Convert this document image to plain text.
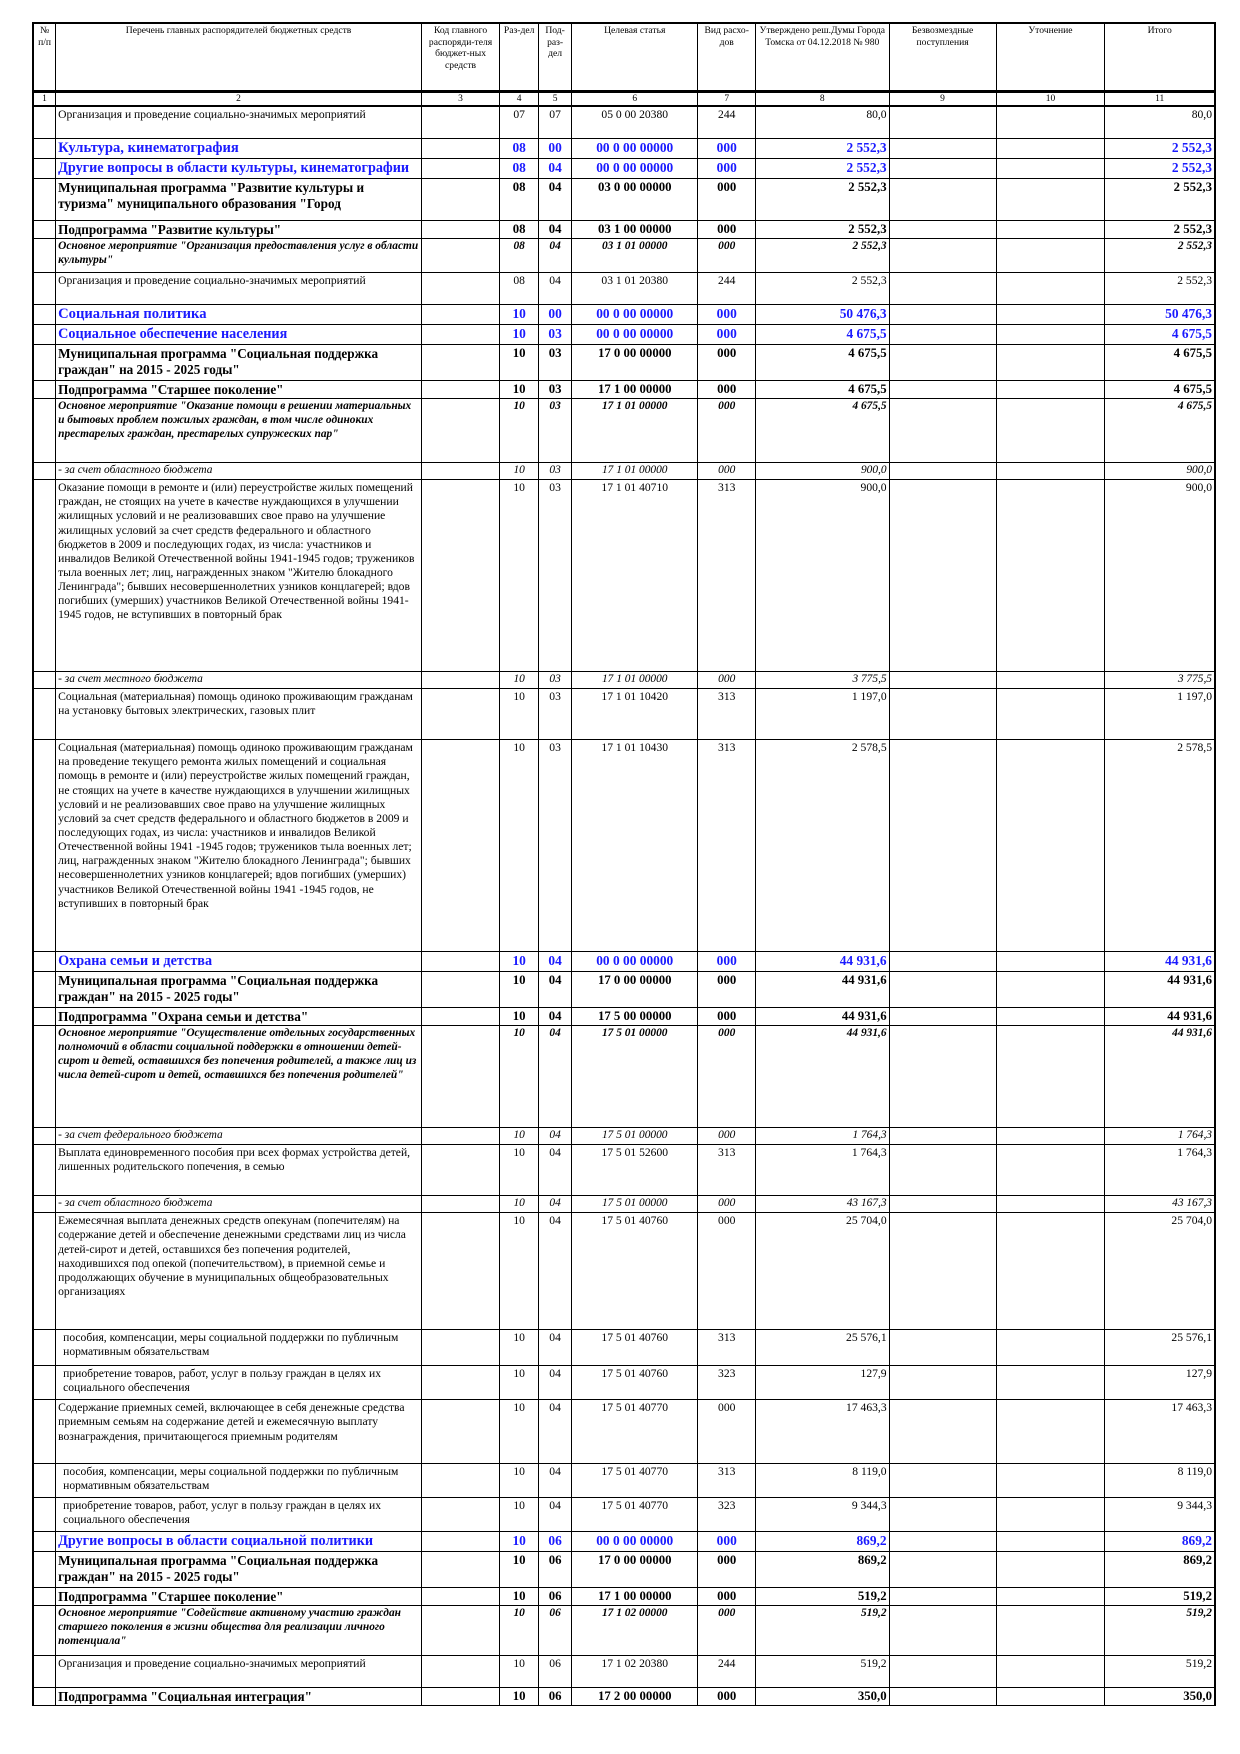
№ п/п	Перечень главных распорядителей бюджетных средств	Код главного распоряди-теля бюджет-ных средств	Раз-дел	Под-раз-дел	Целевая статья	Вид расхо-дов	Утверждено реш.Думы Города Томска от 04.12.2018 № 980	Безвозмездные поступления	Уточнение	Итого
1	2	3	4	5	6	7	8	9	10	11
	Организация и проведение социально-значимых мероприятий		07	07	05 0 00 20380	244	80,0			80,0
	Культура, кинематография		08	00	00 0 00 00000	000	2 552,3			2 552,3
	Другие вопросы в области культуры, кинематографии		08	04	00 0 00 00000	000	2 552,3			2 552,3
	Муниципальная программа "Развитие культуры и туризма" муниципального образования "Город		08	04	03 0 00 00000	000	2 552,3			2 552,3
	Подпрограмма "Развитие культуры"		08	04	03 1 00 00000	000	2 552,3			2 552,3
	Основное мероприятие "Организация предоставления услуг в области культуры"		08	04	03 1 01 00000	000	2 552,3			2 552,3
	Организация и проведение социально-значимых мероприятий		08	04	03 1 01 20380	244	2 552,3			2 552,3
	Социальная политика		10	00	00 0 00 00000	000	50 476,3			50 476,3
	Социальное обеспечение населения		10	03	00 0 00 00000	000	4 675,5			4 675,5
	Муниципальная программа "Социальная поддержка граждан" на 2015 - 2025 годы"		10	03	17 0 00 00000	000	4 675,5			4 675,5
	Подпрограмма "Старшее поколение"		10	03	17 1 00 00000	000	4 675,5			4 675,5
	Основное мероприятие "Оказание помощи в решении материальных и бытовых проблем пожилых граждан, в том числе одиноких престарелых граждан, престарелых супружеских пар"		10	03	17 1 01 00000	000	4 675,5			4 675,5
	- за счет областного бюджета		10	03	17 1 01 00000	000	900,0			900,0
	Оказание помощи в ремонте и (или) переустройстве жилых помещений граждан, не стоящих на учете в качестве нуждающихся в улучшении жилищных условий и не реализовавших свое право на улучшение жилищных условий за счет средств федерального и областного бюджетов в 2009 и последующих годах, из числа: участников и инвалидов Великой Отечественной войны 1941-1945 годов; тружеников тыла военных лет; лиц, награжденных знаком "Жителю блокадного Ленинграда"; бывших несовершеннолетних узников концлагерей; вдов погибших (умерших) участников Великой Отечественной войны 1941-1945 годов, не вступивших в повторный брак		10	03	17 1 01 40710	313	900,0			900,0
	- за счет местного бюджета		10	03	17 1 01 00000	000	3 775,5			3 775,5
	Социальная (материальная) помощь одиноко проживающим гражданам на установку бытовых электрических, газовых плит		10	03	17 1 01 10420	313	1 197,0			1 197,0
	Социальная (материальная) помощь одиноко проживающим гражданам на проведение текущего ремонта жилых помещений и социальная помощь в ремонте и (или) переустройстве жилых помещений граждан, не стоящих на учете в качестве нуждающихся в улучшении жилищных условий и не реализовавших свое право на улучшение жилищных условий за счет средств федерального и областного бюджетов в 2009 и последующих годах, из числа: участников и инвалидов Великой Отечественной войны 1941 -1945 годов; тружеников тыла военных лет; лиц, награжденных знаком "Жителю блокадного Ленинграда"; бывших несовершеннолетних узников концлагерей; вдов погибших (умерших) участников Великой Отечественной войны 1941 -1945 годов, не вступивших в повторный брак		10	03	17 1 01 10430	313	2 578,5			2 578,5
	Охрана семьи и детства		10	04	00 0 00 00000	000	44 931,6			44 931,6
	Муниципальная программа "Социальная поддержка граждан" на 2015 - 2025 годы"		10	04	17 0 00 00000	000	44 931,6			44 931,6
	Подпрограмма "Охрана семьи и детства"		10	04	17 5 00 00000	000	44 931,6			44 931,6
	Основное мероприятие "Осуществление отдельных государственных полномочий в области социальной поддержки в отношении детей-сирот и детей, оставшихся без попечения родителей, а также лиц из числа детей-сирот и детей, оставшихся без попечения родителей"		10	04	17 5 01 00000	000	44 931,6			44 931,6
	- за счет федерального бюджета		10	04	17 5 01 00000	000	1 764,3			1 764,3
	Выплата единовременного пособия при всех формах устройства детей, лишенных родительского попечения, в семью		10	04	17 5 01 52600	313	1 764,3			1 764,3
	- за счет областного бюджета		10	04	17 5 01 00000	000	43 167,3			43 167,3
	Ежемесячная выплата денежных средств опекунам (попечителям) на содержание детей и обеспечение денежными средствами лиц из числа детей-сирот и детей, оставшихся без попечения родителей, находившихся под опекой (попечительством), в приемной семье и продолжающих обучение в муниципальных общеобразовательных организациях		10	04	17 5 01 40760	000	25 704,0			25 704,0
	пособия, компенсации, меры социальной поддержки по публичным нормативным обязательствам		10	04	17 5 01 40760	313	25 576,1			25 576,1
	приобретение товаров, работ, услуг в пользу граждан в целях их социального обеспечения		10	04	17 5 01 40760	323	127,9			127,9
	Содержание приемных семей, включающее в себя денежные средства приемным семьям на содержание детей и ежемесячную выплату вознаграждения, причитающегося приемным родителям		10	04	17 5 01 40770	000	17 463,3			17 463,3
	пособия, компенсации, меры социальной поддержки по публичным нормативным обязательствам		10	04	17 5 01 40770	313	8 119,0			8 119,0
	приобретение товаров, работ, услуг в пользу граждан в целях их социального обеспечения		10	04	17 5 01 40770	323	9 344,3			9 344,3
	Другие вопросы в области социальной политики		10	06	00 0 00 00000	000	869,2			869,2
	Муниципальная программа "Социальная поддержка граждан" на 2015 - 2025 годы"		10	06	17 0 00 00000	000	869,2			869,2
	Подпрограмма "Старшее поколение"		10	06	17 1 00 00000	000	519,2			519,2
	Основное мероприятие "Содействие активному участию граждан старшего поколения в жизни общества для реализации личного потенциала"		10	06	17 1 02 00000	000	519,2			519,2
	Организация и проведение социально-значимых мероприятий		10	06	17 1 02 20380	244	519,2			519,2
	Подпрограмма "Социальная интеграция"		10	06	17 2 00 00000	000	350,0			350,0
